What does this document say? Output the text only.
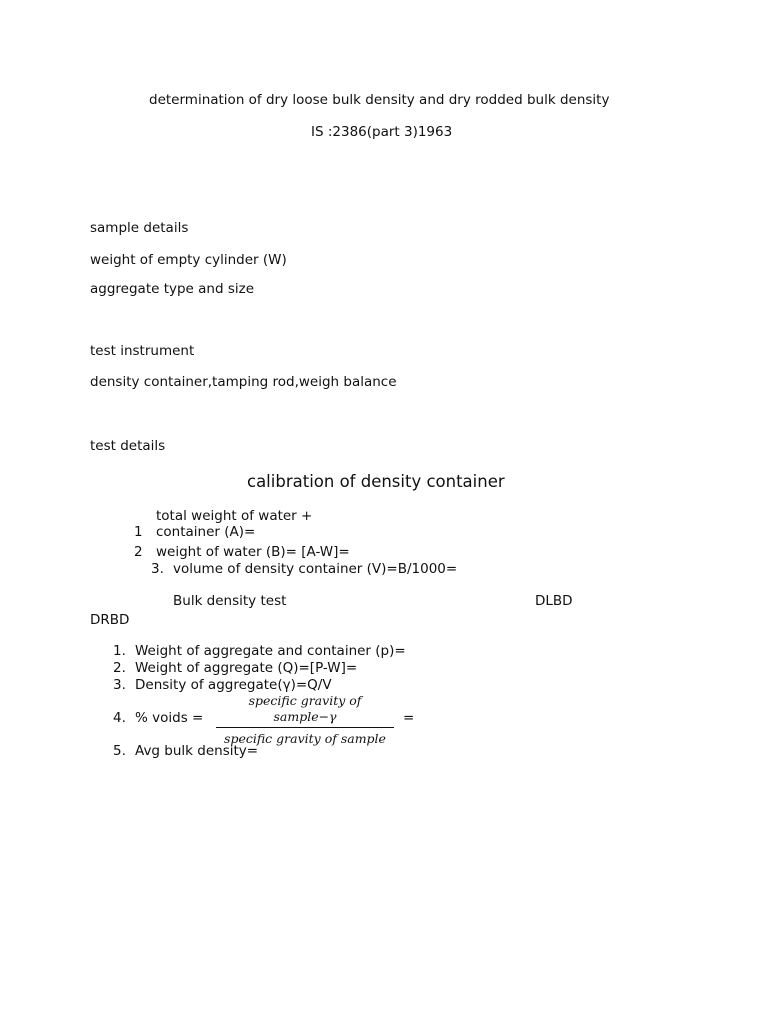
determination of dry loose bulk density and dry rodded bulk density
IS :2386(part 3)1963
sample details
weight of empty cylinder (W)
aggregate type and size
test instrument
density container,tamping rod,weigh balance
test details
calibration of density container
total weight of water +
1 container (A)=
2 weight of water (B)= [A-W]=
3. volume of density container (V)=B/1000=
Bulk density test	DLBD
DRBD
1. Weight of aggregate and container (p)=
2. Weight of aggregate (Q)=[P-W]=
3. Density of aggregate(γ)=Q/V
4. % voids =
specific gravity of sample−γ
specific gravity of sample
=
5. Avg bulk density=
